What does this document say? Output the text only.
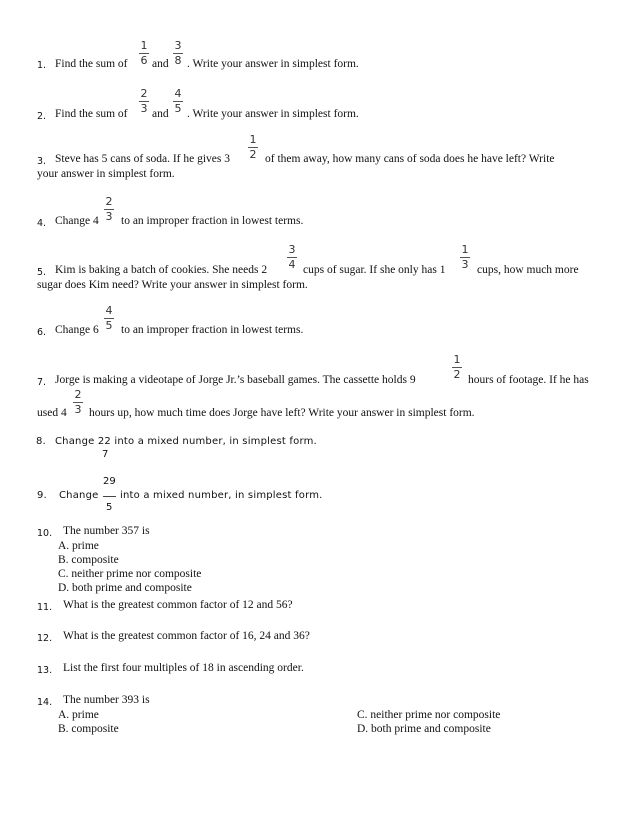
1. Find the sum of
1
6 and
3
8 . Write your answer in simplest form.
2. Find the sum of
2
3 and
4
5 . Write your answer in simplest form.
3. Steve has 5 cans of soda. If he gives 3
1
2 of them away, how many cans of soda does he have left? Write
your answer in simplest form.
4. Change 4
2
3 to an improper fraction in lowest terms.
5. Kim is baking a batch of cookies. She needs 2
3
4 cups of sugar. If she only has 1
1
3 cups, how much more
sugar does Kim need? Write your answer in simplest form.
6. Change 6
4
5 to an improper fraction in lowest terms.
7. Jorge is making a videotape of Jorge Jr.’s baseball games. The cassette holds 9
1
2 hours of footage. If he has
used 4
2
3 hours up, how much time does Jorge have left? Write your answer in simplest form.
8. Change 22 into a mixed number, in simplest form.
7
29
9. Change into a mixed number, in simplest form.
5
10. The number 357 is
A. prime
B. composite
C. neither prime nor composite
D. both prime and composite
11. What is the greatest common factor of 12 and 56?
12. What is the greatest common factor of 16, 24 and 36?
13. List the first four multiples of 18 in ascending order.
14. The number 393 is
A. prime
B. composite
C. neither prime nor composite
D. both prime and composite
